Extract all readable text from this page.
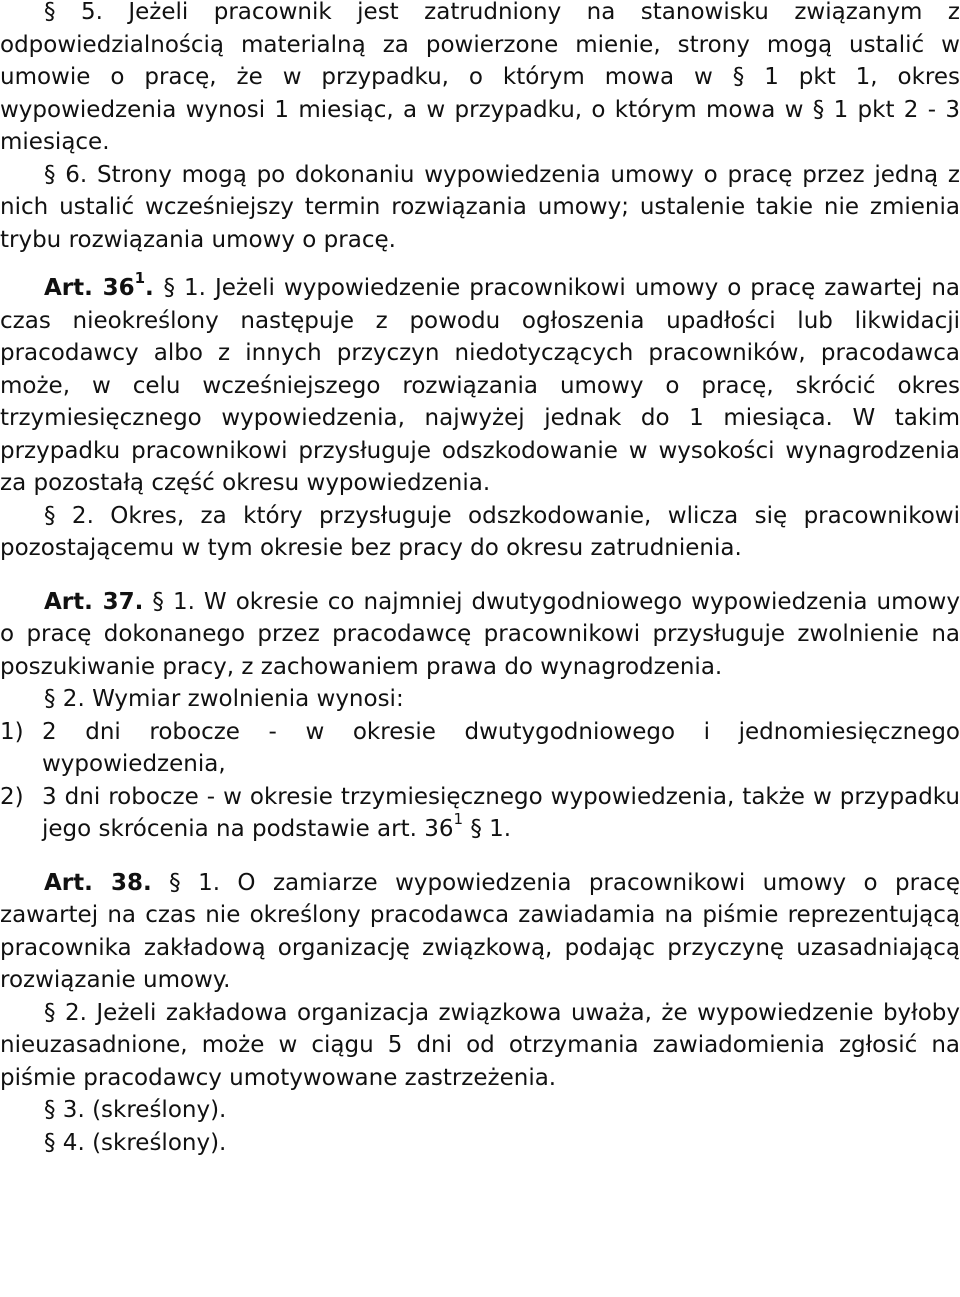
§ 5. Jeżeli pracownik jest zatrudniony na stanowisku związanym z odpowiedzialnością materialną za powierzone mienie, strony mogą ustalić w umowie o pracę, że w przypadku, o którym mowa w § 1 pkt 1, okres wypowiedzenia wynosi 1 miesiąc, a w przypadku, o którym mowa w § 1 pkt 2 - 3 miesiące.

§ 6. Strony mogą po dokonaniu wypowiedzenia umowy o pracę przez jedną z nich ustalić wcześniejszy termin rozwiązania umowy; ustalenie takie nie zmienia trybu rozwiązania umowy o pracę.

Art. $36^1$. § 1. Jeżeli wypowiedzenie pracownikowi umowy o pracę zawartej na czas nieokreślony następuje z powodu ogłoszenia upadłości lub likwidacji pracodawcy albo z innych przyczyn niedotyczących pracowników, pracodawca może, w celu wcześniejszego rozwiązania umowy o pracę, skrócić okres trzymiesięcznego wypowiedzenia, najwyżej jednak do 1 miesiąca. W takim przypadku pracownikowi przysługuje odszkodowanie w wysokości wynagrodzenia za pozostałą część okresu wypowiedzenia.

§ 2. Okres, za który przysługuje odszkodowanie, wlicza się pracownikowi pozostającemu w tym okresie bez pracy do okresu zatrudnienia.

Art. 37. § 1. W okresie co najmniej dwutygodniowego wypowiedzenia umowy o pracę dokonanego przez pracodawcę pracownikowi przysługuje zwolnienie na poszukiwanie pracy, z zachowaniem prawa do wynagrodzenia.

§ 2. Wymiar zwolnienia wynosi:

1) 2 dni robocze - w okresie dwutygodniowego i jednomiesięcznego wypowiedzenia,
2) 3 dni robocze - w okresie trzymiesięcznego wypowiedzenia, także w przypadku jego skrócenia na podstawie art. $36^1$ § 1.

Art. 38. § 1. O zamiarze wypowiedzenia pracownikowi umowy o pracę zawartej na czas nie określony pracodawca zawiadamia na piśmie reprezentującą pracownika zakładową organizację związkową, podając przyczynę uzasadniającą rozwiązanie umowy.

§ 2. Jeżeli zakładowa organizacja związkowa uważa, że wypowiedzenie byłoby nieuzasadnione, może w ciągu 5 dni od otrzymania zawiadomienia zgłosić na piśmie pracodawcy umotywowane zastrzeżenia.

§ 3. (skreślony).

§ 4. (skreślony).
